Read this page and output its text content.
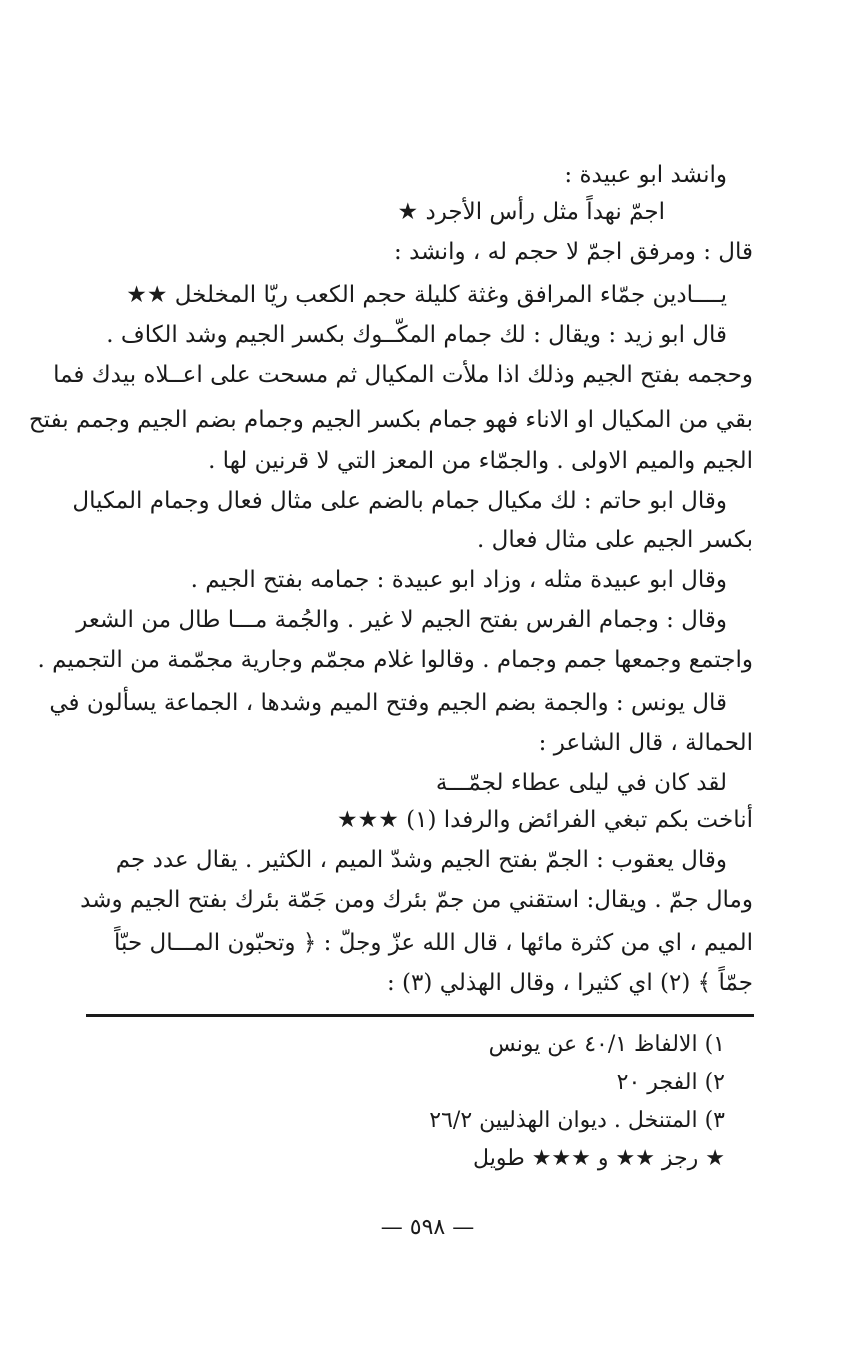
وانشد ابو عبيدة :
اجمّ نهداً مثل رأس الأجرد ★
قال : ومرفق اجمّ لا حجم له ، وانشد :
يــــادين جمّاء المرافق وغثة كليلة حجم الكعب ريّا المخلخل ★★
قال ابو زيد : ويقال : لك جمام المكّــوك بكسر الجيم وشد الكاف .
وحجمه بفتح الجيم وذلك اذا ملأت المكيال ثم مسحت على اعــلاه بيدك فما
بقي من المكيال او الاناء فهو جمام بكسر الجيم وجمام بضم الجيم وجمم بفتح
الجيم والميم الاولى . والجمّاء من المعز التي لا قرنين لها .
وقال ابو حاتم : لك مكيال جمام بالضم على مثال فعال وجمام المكيال
بكسر الجيم على مثال فعال .
وقال ابو عبيدة مثله ، وزاد ابو عبيدة : جمامه بفتح الجيم .
وقال : وجمام الفرس بفتح الجيم لا غير . والجُمة مـــا طال من الشعر
واجتمع وجمعها جمم وجمام . وقالوا غلام مجمّم وجارية مجمّمة من التجميم .
قال يونس : والجمة بضم الجيم وفتح الميم وشدها ، الجماعة يسألون في
الحمالة ، قال الشاعر :
لقد كان في ليلى عطاء لجمّـــة
أناخت بكم تبغي الفرائض والرفدا (١) ★★★
وقال يعقوب : الجمّ بفتح الجيم وشدّ الميم ، الكثير . يقال عدد جم
ومال جمّ . ويقال: استقني من جمّ بئرك ومن جَمّة بئرك بفتح الجيم وشد
الميم ، اي من كثرة مائها ، قال الله عزّ وجلّ : ﴿ وتحبّون المـــال حبّاً
جمّاً ﴾ (٢) اي كثيرا ، وقال الهذلي (٣) :
١) الالفاظ ٤٠/١ عن يونس
٢) الفجر ٢٠
٣) المتنخل . ديوان الهذليين ٢٦/٢
★ رجز ★★ و ★★★ طويل
— ٥٩٨ —
